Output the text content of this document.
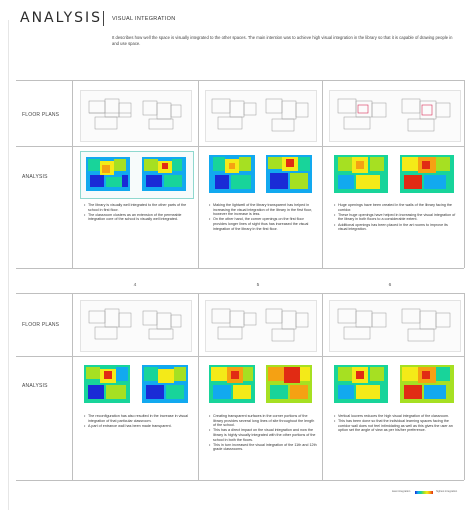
ANALYSIS VISUAL INTEGRATION
It describes how well the space is visually integrated to the other spaces. The main intention was to achieve high visual integration in the library so that it is capable of drawing people in and use space.
FLOOR PLANS
ANALYSIS
• The library is visually well integrated to the other parts of the school in first floor.
• The classroom clusters as an extension of the permeable integration core of the school is visually well integrated.
• Making the lightwell of the library transparent has helped in increasing the visual integration of the library in the first floor, however the increase is less.
• On the other hand, the corner openings on the first floor provides longer lines of sight thus has increased the visual integration of the library in the first floor.
• Huge openings have been created in the walls of the library facing the corridor.
• These huge openings have helped in increasing the visual integration of the library in both floors to a considerable extent.
• Additional openings has been placed in the art rooms to improve its visual integration.
4	5	6
FLOOR PLANS
ANALYSIS
• The reconfiguration has also resulted in the increase in visual integration of that particular classroom.
• A part of entrance wall has been made transparent.
• Creating transparent surfaces in the corner portions of the library provides several long lines of site throughout the length of the school.
• This has a direct impact on the visual integration and now the library is highly visually integrated with the other portions of the school in both the floors.
• This in turn increased the visual integration of the 11th and 12th grade classrooms.
• Vertical louvers reduces the high visual integration of the classroom.
• This has been done so that the individual learning spaces facing the corridor wall does not feel intimidating as well as this gives the user an option set the angle of view as per his/her preference.
least integration	highest integration
